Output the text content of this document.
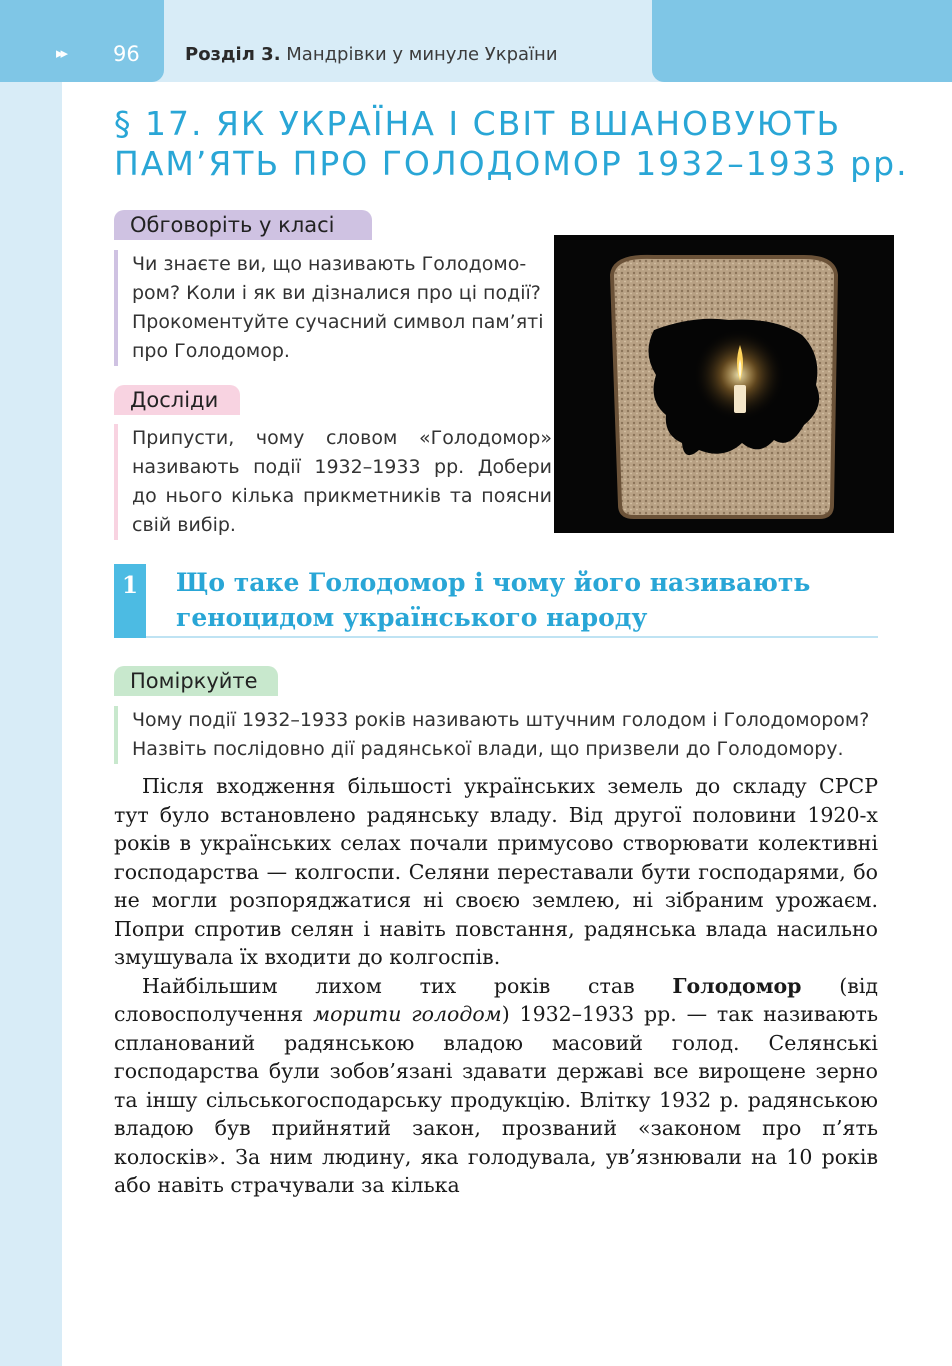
▸▸ 96	Розділ 3. Мандрівки у минуле України
§ 17. ЯК УКРАЇНА І СВІТ ВШАНОВУЮТЬ
ПАМ’ЯТЬ ПРО ГОЛОДОМОР 1932–1933 рр.
Обговоріть у класі
Чи знаєте ви, що називають Голодомором? Коли і як ви дізналися про ці події? Прокоментуйте сучасний символ пам’яті про Голодомор.
Досліди
Припусти, чому словом «Голодомор» називають події 1932–1933 рр. Добери до нього кілька прикметників та поясни свій вибір.
1	Що таке Голодомор і чому його називають
геноцидом українського народу
Поміркуйте
Чому події 1932–1933 років називають штучним голодом і Голодомором?
Назвіть послідовно дії радянської влади, що призвели до Голодомору.

Після входження більшості українських земель до складу СРСР тут було встановлено радянську владу. Від другої половини 1920-х років в українських селах почали примусово створювати колективні господарства — колгоспи. Селяни переставали бути господарями, бо не могли розпоряджатися ні своєю землею, ні зібраним урожаєм. Попри спротив селян і навіть повстання, радянська влада насильно змушувала їх входити до колгоспів.

Найбільшим лихом тих років став Голодомор (від словосполучення морити голодом) 1932–1933 рр. — так називають спланований радянською владою масовий голод. Селянські господарства були зобов’язані здавати державі все вирощене зерно та іншу сільськогосподарську продукцію. Влітку 1932 р. радянською владою був прийнятий закон, прозваний «законом про п’ять колосків». За ним людину, яка голодувала, ув’язнювали на 10 років або навіть страчували за кілька
